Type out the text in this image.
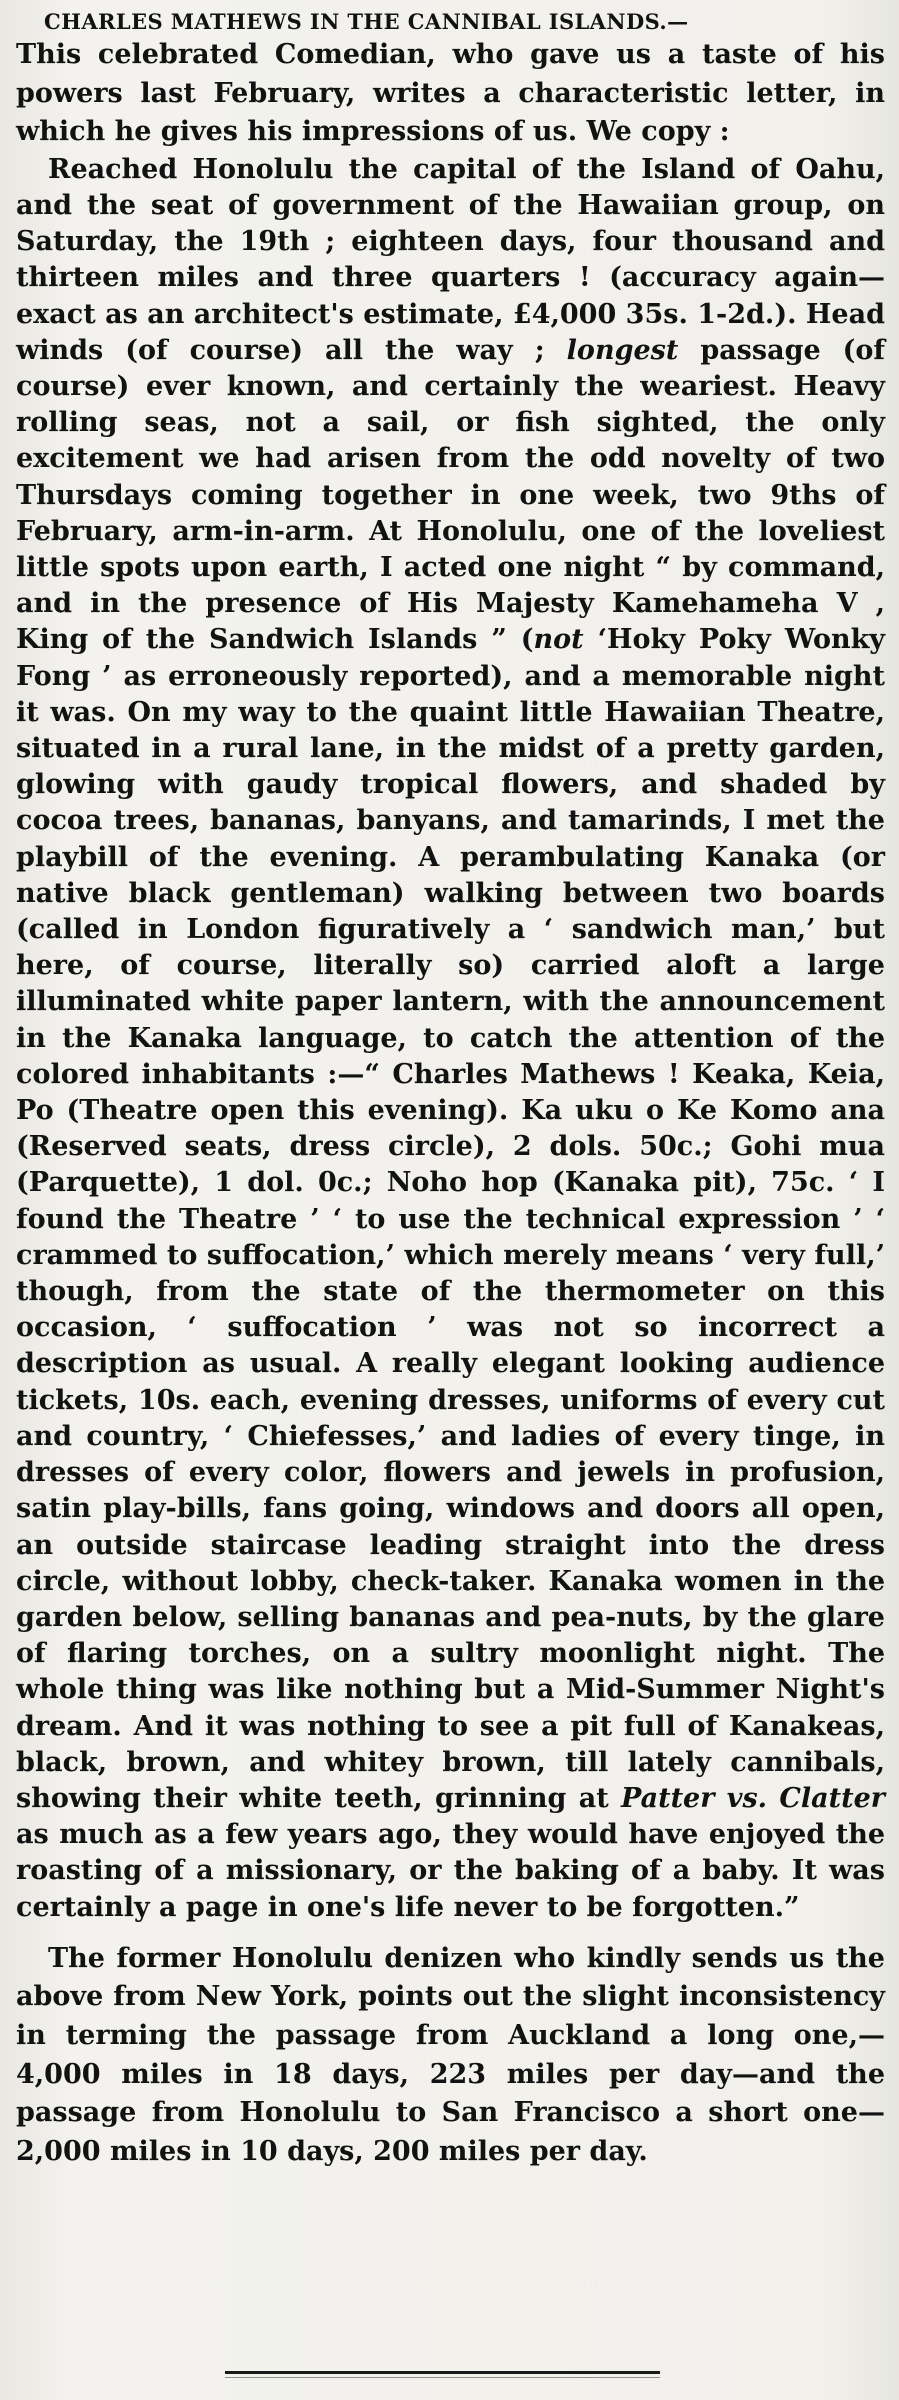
CHARLES MATHEWS IN THE CANNIBAL ISLANDS.—

This celebrated Comedian, who gave us a taste of his powers last February, writes a characteristic letter, in which he gives his impressions of us. We copy :

Reached Honolulu the capital of the Island of Oahu, and the seat of government of the Hawaiian group, on Saturday, the 19th ; eighteen days, four thousand and thirteen miles and three quarters ! (accuracy again—exact as an architect's estimate, £4,000 35s. 1-2d.). Head winds (of course) all the way ; longest passage (of course) ever known, and certainly the weariest. Heavy rolling seas, not a sail, or fish sighted, the only excitement we had arisen from the odd novelty of two Thursdays coming together in one week, two 9ths of February, arm-in-arm. At Honolulu, one of the loveliest little spots upon earth, I acted one night “ by command, and in the presence of His Majesty Kamehameha V , King of the Sandwich Islands ” (not ‘Hoky Poky Wonky Fong ’ as erroneously reported), and a memorable night it was. On my way to the quaint little Hawaiian Theatre, situated in a rural lane, in the midst of a pretty garden, glowing with gaudy tropical flowers, and shaded by cocoa trees, bananas, banyans, and tamarinds, I met the playbill of the evening. A perambulating Kanaka (or native black gentleman) walking between two boards (called in London figuratively a ‘ sandwich man,’ but here, of course, literally so) carried aloft a large illuminated white paper lantern, with the announcement in the Kanaka language, to catch the attention of the colored inhabitants :—“ Charles Mathews ! Keaka, Keia, Po (Theatre open this evening). Ka uku o Ke Komo ana (Reserved seats, dress circle), 2 dols. 50c.; Gohi mua (Parquette), 1 dol. 0c.; Noho hop (Kanaka pit), 75c. ‘ I found the Theatre ’ ‘ to use the technical expression ’ ‘ crammed to suffocation,’ which merely means ‘ very full,’ though, from the state of the thermometer on this occasion, ‘ suffocation ’ was not so incorrect a description as usual. A really elegant looking audience tickets, 10s. each, evening dresses, uniforms of every cut and country, ‘ Chiefesses,’ and ladies of every tinge, in dresses of every color, flowers and jewels in profusion, satin play-bills, fans going, windows and doors all open, an outside staircase leading straight into the dress circle, without lobby, check-taker. Kanaka women in the garden below, selling bananas and pea-nuts, by the glare of flaring torches, on a sultry moonlight night. The whole thing was like nothing but a Mid-Summer Night's dream. And it was nothing to see a pit full of Kanakeas, black, brown, and whitey brown, till lately cannibals, showing their white teeth, grinning at Patter vs. Clatter as much as a few years ago, they would have enjoyed the roasting of a missionary, or the baking of a baby. It was certainly a page in one's life never to be forgotten.”

The former Honolulu denizen who kindly sends us the above from New York, points out the slight inconsistency in terming the passage from Auckland a long one,—4,000 miles in 18 days, 223 miles per day—and the passage from Honolulu to San Francisco a short one—2,000 miles in 10 days, 200 miles per day.
